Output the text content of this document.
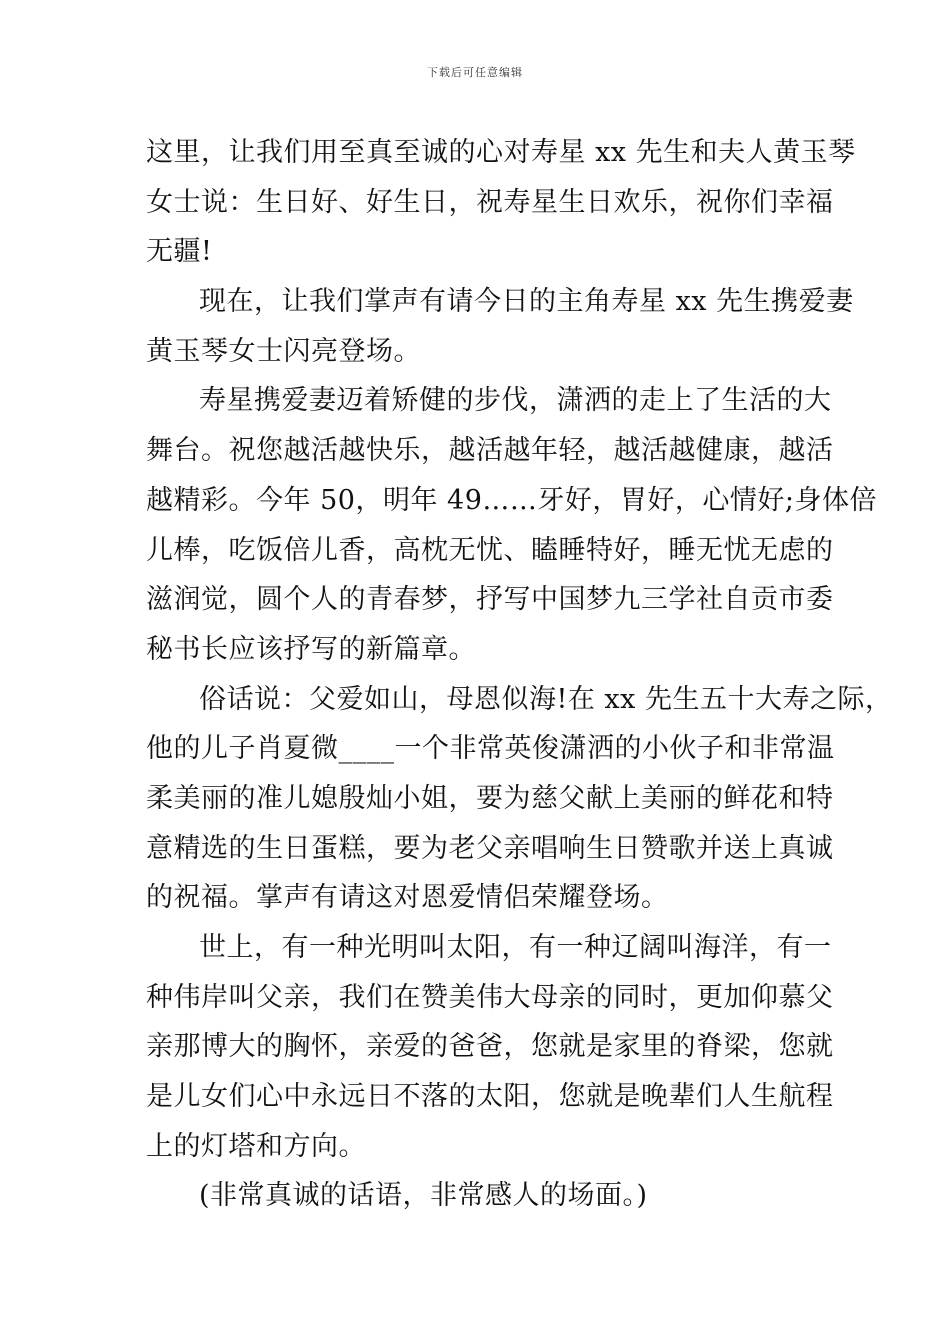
下载后可任意编辑
这里，让我们用至真至诚的心对寿星 xx 先生和夫人黄玉琴
女士说：生日好、好生日，祝寿星生日欢乐，祝你们幸福
无疆!
现在，让我们掌声有请今日的主角寿星 xx 先生携爱妻
黄玉琴女士闪亮登场。
寿星携爱妻迈着矫健的步伐，潇洒的走上了生活的大
舞台。祝您越活越快乐，越活越年轻，越活越健康，越活
越精彩。今年 50，明年 49……牙好，胃好，心情好;身体倍
儿棒，吃饭倍儿香，高枕无忧、瞌睡特好，睡无忧无虑的
滋润觉，圆个人的青春梦，抒写中国梦九三学社自贡市委
秘书长应该抒写的新篇章。
俗话说：父爱如山，母恩似海!在 xx 先生五十大寿之际，
他的儿子肖夏微____一个非常英俊潇洒的小伙子和非常温
柔美丽的准儿媳殷灿小姐，要为慈父献上美丽的鲜花和特
意精选的生日蛋糕，要为老父亲唱响生日赞歌并送上真诚
的祝福。掌声有请这对恩爱情侣荣耀登场。
世上，有一种光明叫太阳，有一种辽阔叫海洋，有一
种伟岸叫父亲，我们在赞美伟大母亲的同时，更加仰慕父
亲那博大的胸怀，亲爱的爸爸，您就是家里的脊梁，您就
是儿女们心中永远日不落的太阳，您就是晚辈们人生航程
上的灯塔和方向。
(非常真诚的话语，非常感人的场面。)
